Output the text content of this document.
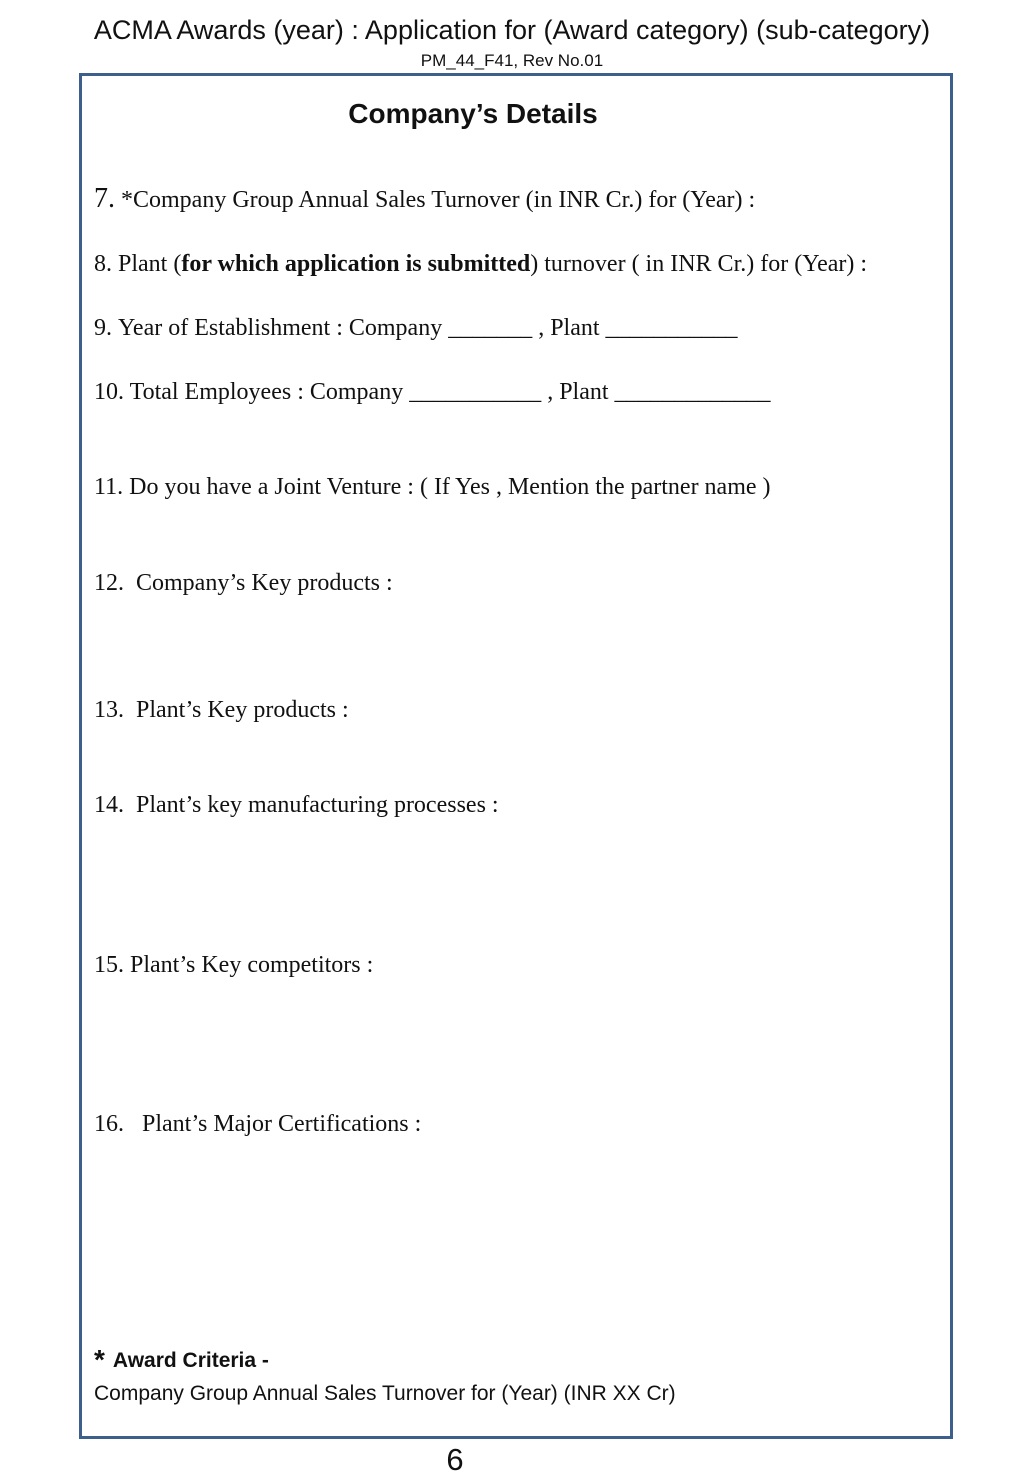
ACMA Awards (year) : Application for (Award category) (sub-category)
PM_44_F41, Rev No.01
Company’s Details
7. *Company Group Annual Sales Turnover (in INR Cr.) for (Year) :
8. Plant (for which application is submitted) turnover ( in INR Cr.) for (Year) :
9. Year of Establishment : Company _______ , Plant ___________
10. Total Employees : Company ___________ , Plant _____________
11. Do you have a Joint Venture : ( If Yes , Mention the partner name )
12. Company’s Key products :
13. Plant’s Key products :
14. Plant’s key manufacturing processes :
15. Plant’s Key competitors :
16. Plant’s Major Certifications :
* Award Criteria -
Company Group Annual Sales Turnover for (Year) (INR XX Cr)
6
